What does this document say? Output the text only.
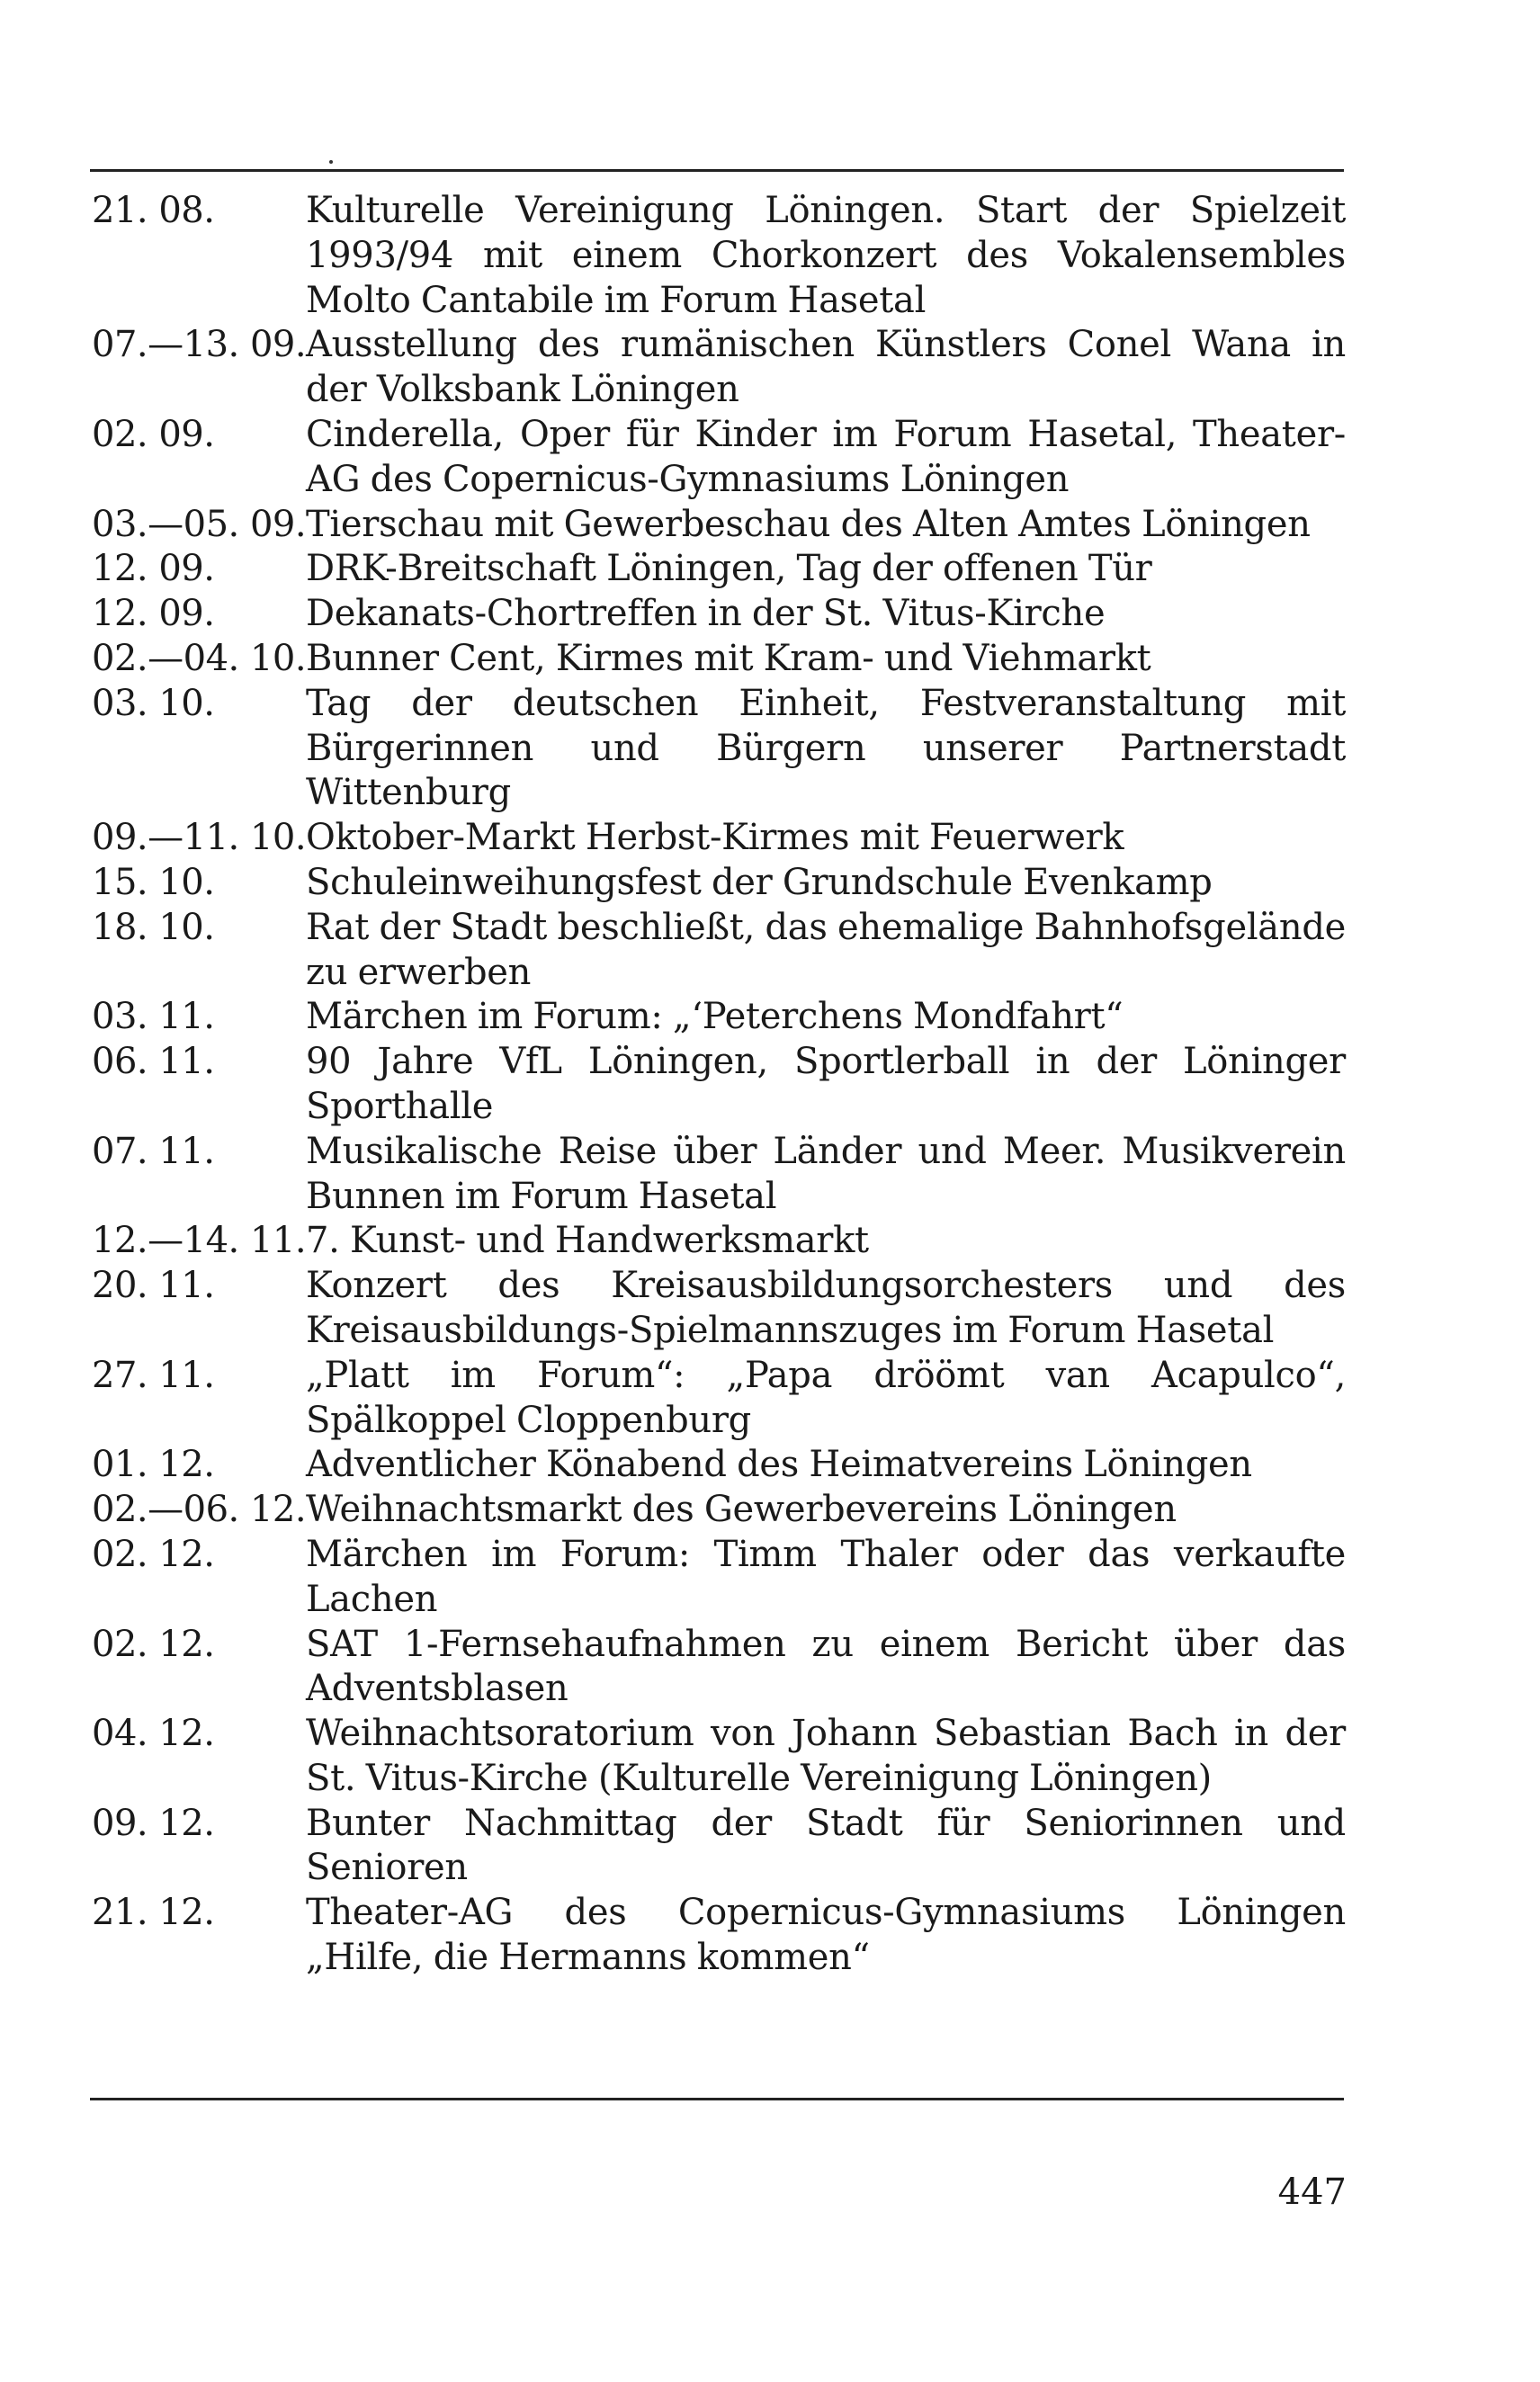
21. 08.	Kulturelle Vereinigung Löningen. Start der Spielzeit 1993/94 mit einem Chorkonzert des Vokalensembles Molto Cantabile im Forum Hasetal
07.—13. 09. Ausstellung des rumänischen Künstlers Conel Wana in der Volksbank Löningen
02. 09.	Cinderella, Oper für Kinder im Forum Hasetal, Theater-AG des Copernicus-Gymnasiums Löningen
03.—05. 09. Tierschau mit Gewerbeschau des Alten Amtes Löningen
12. 09.	DRK-Breitschaft Löningen, Tag der offenen Tür
12. 09.	Dekanats-Chortreffen in der St. Vitus-Kirche
02.—04. 10. Bunner Cent, Kirmes mit Kram- und Viehmarkt
03. 10.	Tag der deutschen Einheit, Festveranstaltung mit Bürgerinnen und Bürgern unserer Partnerstadt Wittenburg
09.—11. 10. Oktober-Markt Herbst-Kirmes mit Feuerwerk
15. 10.	Schuleinweihungsfest der Grundschule Evenkamp
18. 10.	Rat der Stadt beschließt, das ehemalige Bahnhofsgelände zu erwerben
03. 11.	Märchen im Forum: „‘Peterchens Mondfahrt“
06. 11.	90 Jahre VfL Löningen, Sportlerball in der Löninger Sporthalle
07. 11.	Musikalische Reise über Länder und Meer. Musikverein Bunnen im Forum Hasetal
12.—14. 11. 7. Kunst- und Handwerksmarkt
20. 11.	Konzert des Kreisausbildungsorchesters und des Kreisausbildungs-Spielmannszuges im Forum Hasetal
27. 11.	„Platt im Forum“: „Papa dröömt van Acapulco“, Spälkoppel Cloppenburg
01. 12.	Adventlicher Könabend des Heimatvereins Löningen
02.—06. 12. Weihnachtsmarkt des Gewerbevereins Löningen
02. 12.	Märchen im Forum: Timm Thaler oder das verkaufte Lachen
02. 12.	SAT 1-Fernsehaufnahmen zu einem Bericht über das Adventsblasen
04. 12.	Weihnachtsoratorium von Johann Sebastian Bach in der St. Vitus-Kirche (Kulturelle Vereinigung Löningen)
09. 12.	Bunter Nachmittag der Stadt für Seniorinnen und Senioren
21. 12.	Theater-AG des Copernicus-Gymnasiums Löningen „Hilfe, die Hermanns kommen“
447
